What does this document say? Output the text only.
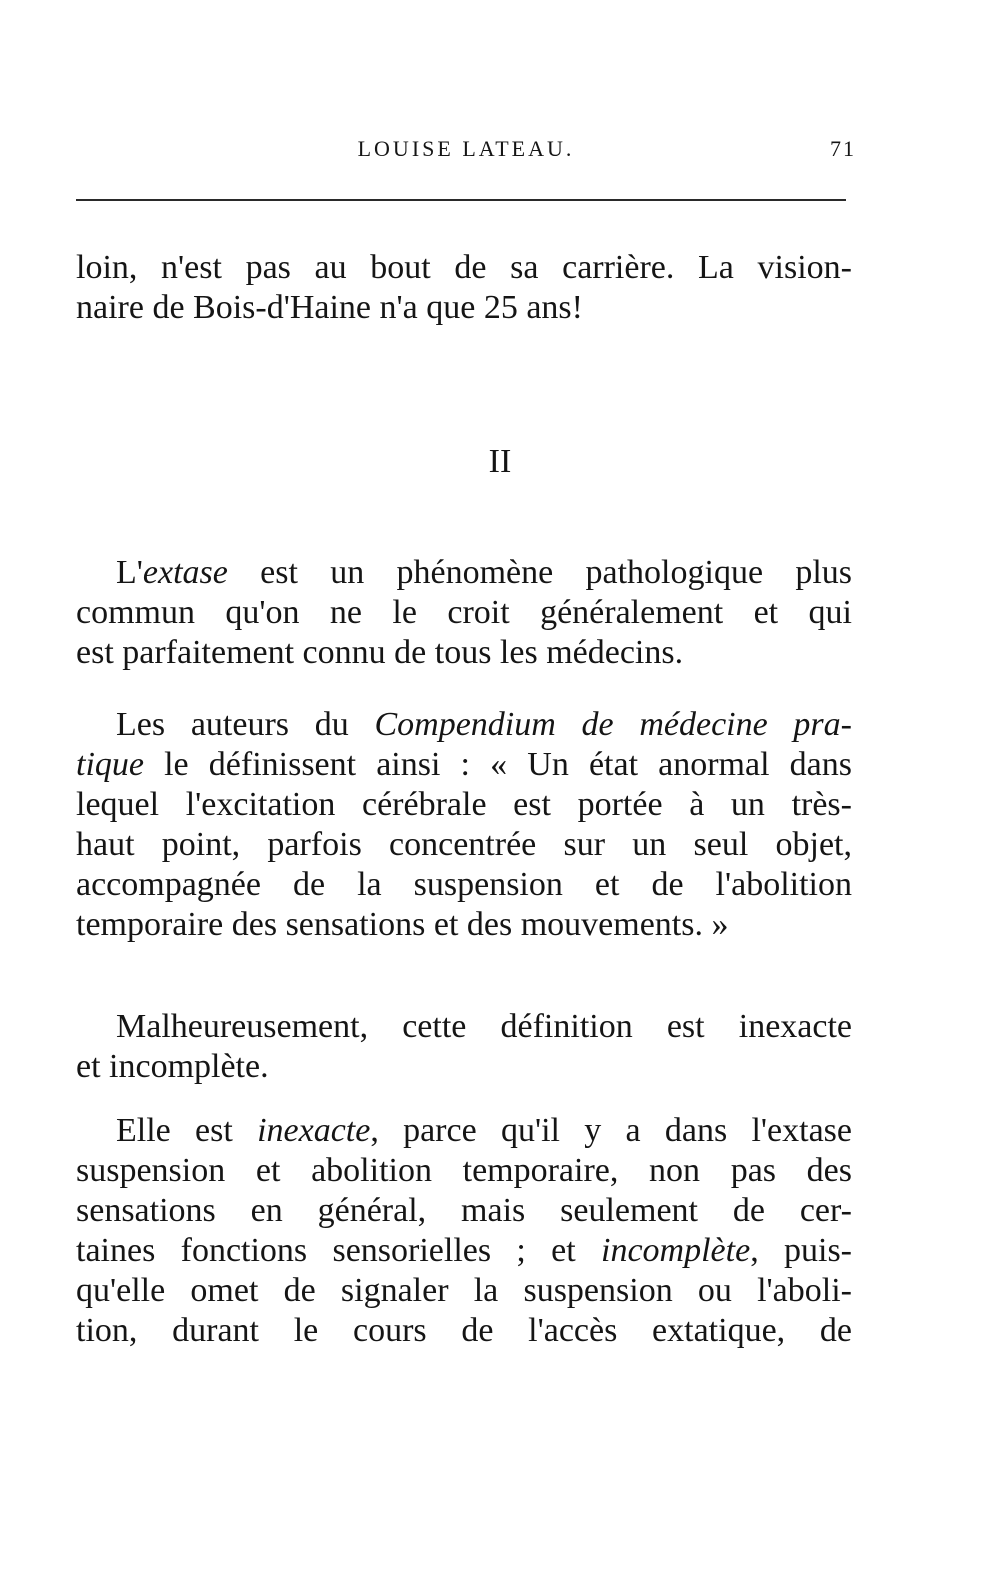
LOUISE LATEAU.	71
loin, n'est pas au bout de sa carrière. La vision-
naire de Bois-d'Haine n'a que 25 ans!
II
L'extase est un phénomène pathologique plus
commun qu'on ne le croit généralement et qui
est parfaitement connu de tous les médecins.
Les auteurs du Compendium de médecine pra-
tique le définissent ainsi : « Un état anormal dans
lequel l'excitation cérébrale est portée à un très-
haut point, parfois concentrée sur un seul objet,
accompagnée de la suspension et de l'abolition
temporaire des sensations et des mouvements. »
Malheureusement, cette définition est inexacte
et incomplète.
Elle est inexacte, parce qu'il y a dans l'extase
suspension et abolition temporaire, non pas des
sensations en général, mais seulement de cer-
taines fonctions sensorielles ; et incomplète, puis-
qu'elle omet de signaler la suspension ou l'aboli-
tion, durant le cours de l'accès extatique, de
